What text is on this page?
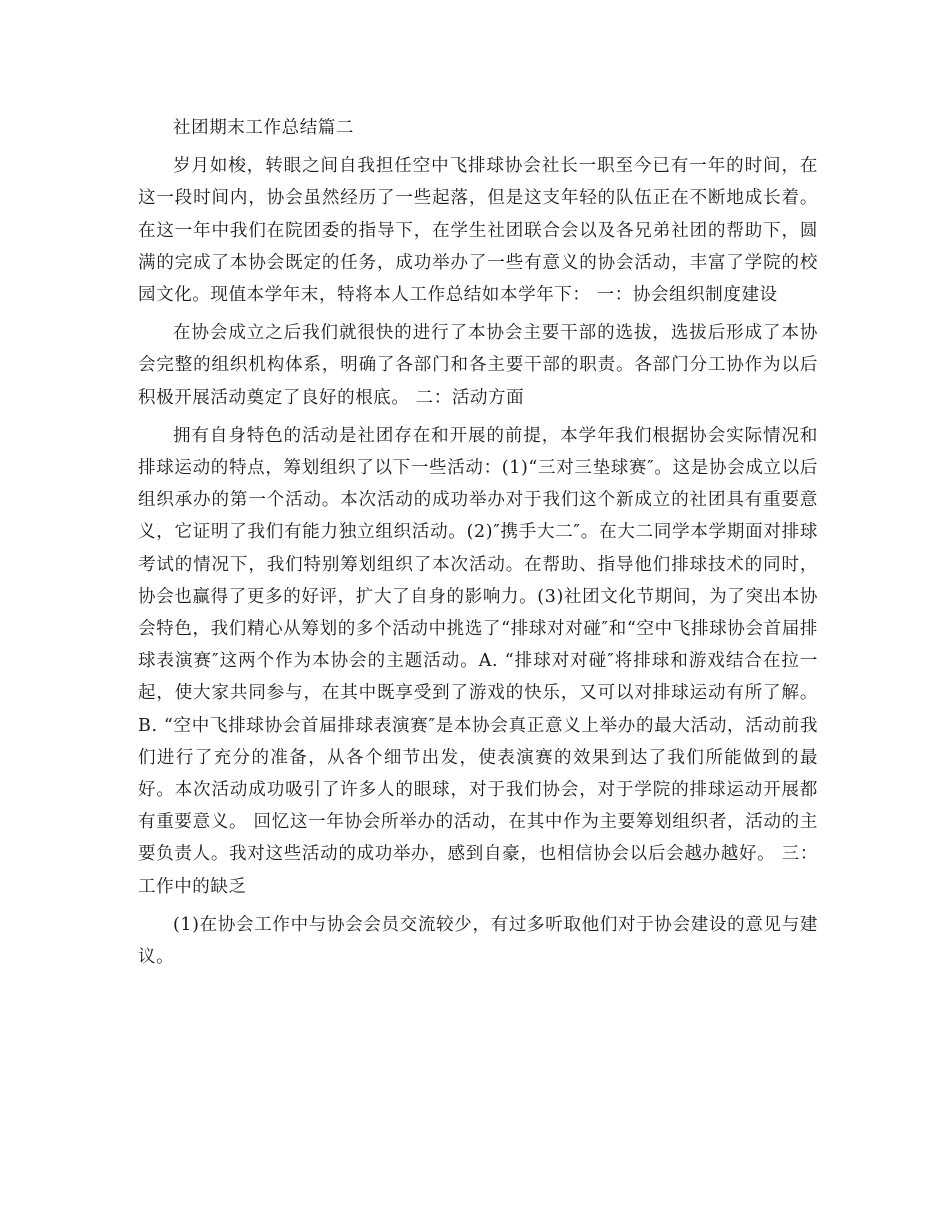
社团期末工作总结篇二

岁月如梭，转眼之间自我担任空中飞排球协会社长一职至今已有一年的时间，在这一段时间内，协会虽然经历了一些起落，但是这支年轻的队伍正在不断地成长着。在这一年中我们在院团委的指导下，在学生社团联合会以及各兄弟社团的帮助下，圆满的完成了本协会既定的任务，成功举办了一些有意义的协会活动，丰富了学院的校园文化。现值本学年末，特将本人工作总结如本学年下： 一：协会组织制度建设

在协会成立之后我们就很快的进行了本协会主要干部的选拔，选拔后形成了本协会完整的组织机构体系，明确了各部门和各主要干部的职责。各部门分工协作为以后积极开展活动奠定了良好的根底。 二：活动方面

拥有自身特色的活动是社团存在和开展的前提，本学年我们根据协会实际情况和排球运动的特点，筹划组织了以下一些活动：(1)“三对三垫球赛″。这是协会成立以后组织承办的第一个活动。本次活动的成功举办对于我们这个新成立的社团具有重要意义，它证明了我们有能力独立组织活动。(2)″携手大二″。在大二同学本学期面对排球考试的情况下，我们特别筹划组织了本次活动。在帮助、指导他们排球技术的同时，协会也赢得了更多的好评，扩大了自身的影响力。(3)社团文化节期间，为了突出本协会特色，我们精心从筹划的多个活动中挑选了“排球对对碰″和“空中飞排球协会首届排球表演赛″这两个作为本协会的主题活动。A. “排球对对碰″将排球和游戏结合在拉一起，使大家共同参与，在其中既享受到了游戏的快乐，又可以对排球运动有所了解。B. “空中飞排球协会首届排球表演赛″是本协会真正意义上举办的最大活动，活动前我们进行了充分的准备，从各个细节出发，使表演赛的效果到达了我们所能做到的最好。本次活动成功吸引了许多人的眼球，对于我们协会，对于学院的排球运动开展都有重要意义。 回忆这一年协会所举办的活动，在其中作为主要筹划组织者，活动的主要负责人。我对这些活动的成功举办，感到自豪，也相信协会以后会越办越好。 三：工作中的缺乏

(1)在协会工作中与协会会员交流较少，有过多听取他们对于协会建设的意见与建议。
